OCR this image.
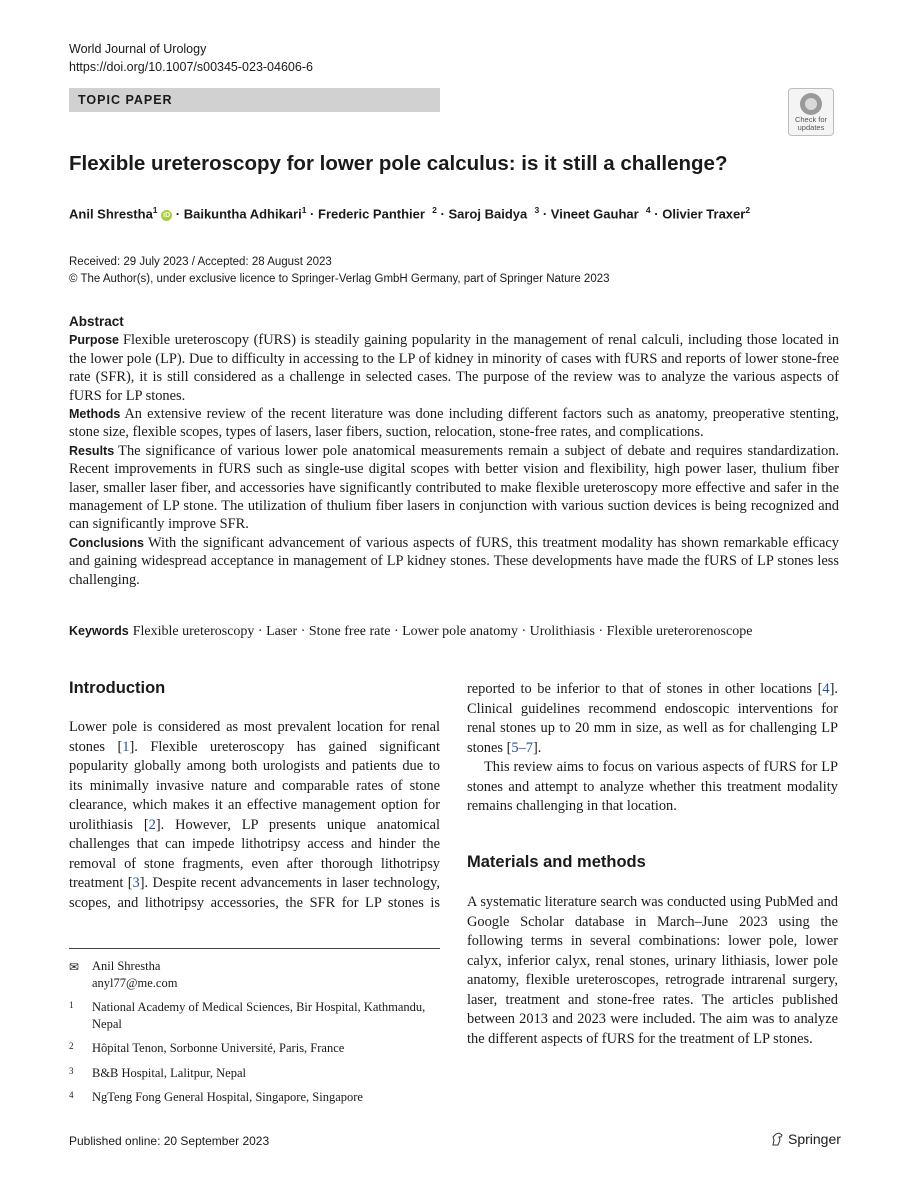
World Journal of Urology
https://doi.org/10.1007/s00345-023-04606-6
TOPIC PAPER
Check for
updates
Flexible ureteroscopy for lower pole calculus: is it still a challenge?
Anil Shrestha$^1$ iD · Baikuntha Adhikari$^1$ · Frederic Panthier $^2$ · Saroj Baidya $^3$ · Vineet Gauhar $^4$ · Olivier Traxer$^2$
Received: 29 July 2023 / Accepted: 28 August 2023
© The Author(s), under exclusive licence to Springer-Verlag GmbH Germany, part of Springer Nature 2023
Abstract

Purpose Flexible ureteroscopy (fURS) is steadily gaining popularity in the management of renal calculi, including those located in the lower pole (LP). Due to difficulty in accessing to the LP of kidney in minority of cases with fURS and reports of lower stone-free rate (SFR), it is still considered as a challenge in selected cases. The purpose of the review was to analyze the various aspects of fURS for LP stones.

Methods An extensive review of the recent literature was done including different factors such as anatomy, preoperative stenting, stone size, flexible scopes, types of lasers, laser fibers, suction, relocation, stone-free rates, and complications.

Results The significance of various lower pole anatomical measurements remain a subject of debate and requires standardization. Recent improvements in fURS such as single-use digital scopes with better vision and flexibility, high power laser, thulium fiber laser, smaller laser fiber, and accessories have significantly contributed to make flexible ureteroscopy more effective and safer in the management of LP stone. The utilization of thulium fiber lasers in conjunction with various suction devices is being recognized and can significantly improve SFR.

Conclusions With the significant advancement of various aspects of fURS, this treatment modality has shown remarkable efficacy and gaining widespread acceptance in management of LP kidney stones. These developments have made the fURS of LP stones less challenging.

Keywords Flexible ureteroscopy · Laser · Stone free rate · Lower pole anatomy · Urolithiasis · Flexible ureterorenoscope
Introduction

Lower pole is considered as most prevalent location for renal stones [1]. Flexible ureteroscopy has gained significant popularity globally among both urologists and patients due to its minimally invasive nature and comparable rates of stone clearance, which makes it an effective management option for urolithiasis [2]. However, LP presents unique anatomical challenges that can impede lithotripsy access and hinder the removal of stone fragments, even after thorough lithotripsy treatment [3]. Despite recent advancements in laser technology, scopes, and lithotripsy accessories, the SFR for LP stones is

reported to be inferior to that of stones in other locations [4]. Clinical guidelines recommend endoscopic interventions for renal stones up to 20 mm in size, as well as for challenging LP stones [5–7].

This review aims to focus on various aspects of fURS for LP stones and attempt to analyze whether this treatment modality remains challenging in that location.

Materials and methods

A systematic literature search was conducted using PubMed and Google Scholar database in March–June 2023 using the following terms in several combinations: lower pole, lower calyx, inferior calyx, renal stones, urinary lithiasis, lower pole anatomy, flexible ureteroscopes, retrograde intrarenal surgery, laser, treatment and stone-free rates. The articles published between 2013 and 2023 were included. The aim was to analyze the different aspects of fURS for the treatment of LP stones.

✉ Anil Shrestha
anyl77@me.com
1 National Academy of Medical Sciences, Bir Hospital, Kathmandu, Nepal
2 Hôpital Tenon, Sorbonne Université, Paris, France
3 B&B Hospital, Lalitpur, Nepal
4 NgTeng Fong General Hospital, Singapore, Singapore
Published online: 20 September 2023	Springer
